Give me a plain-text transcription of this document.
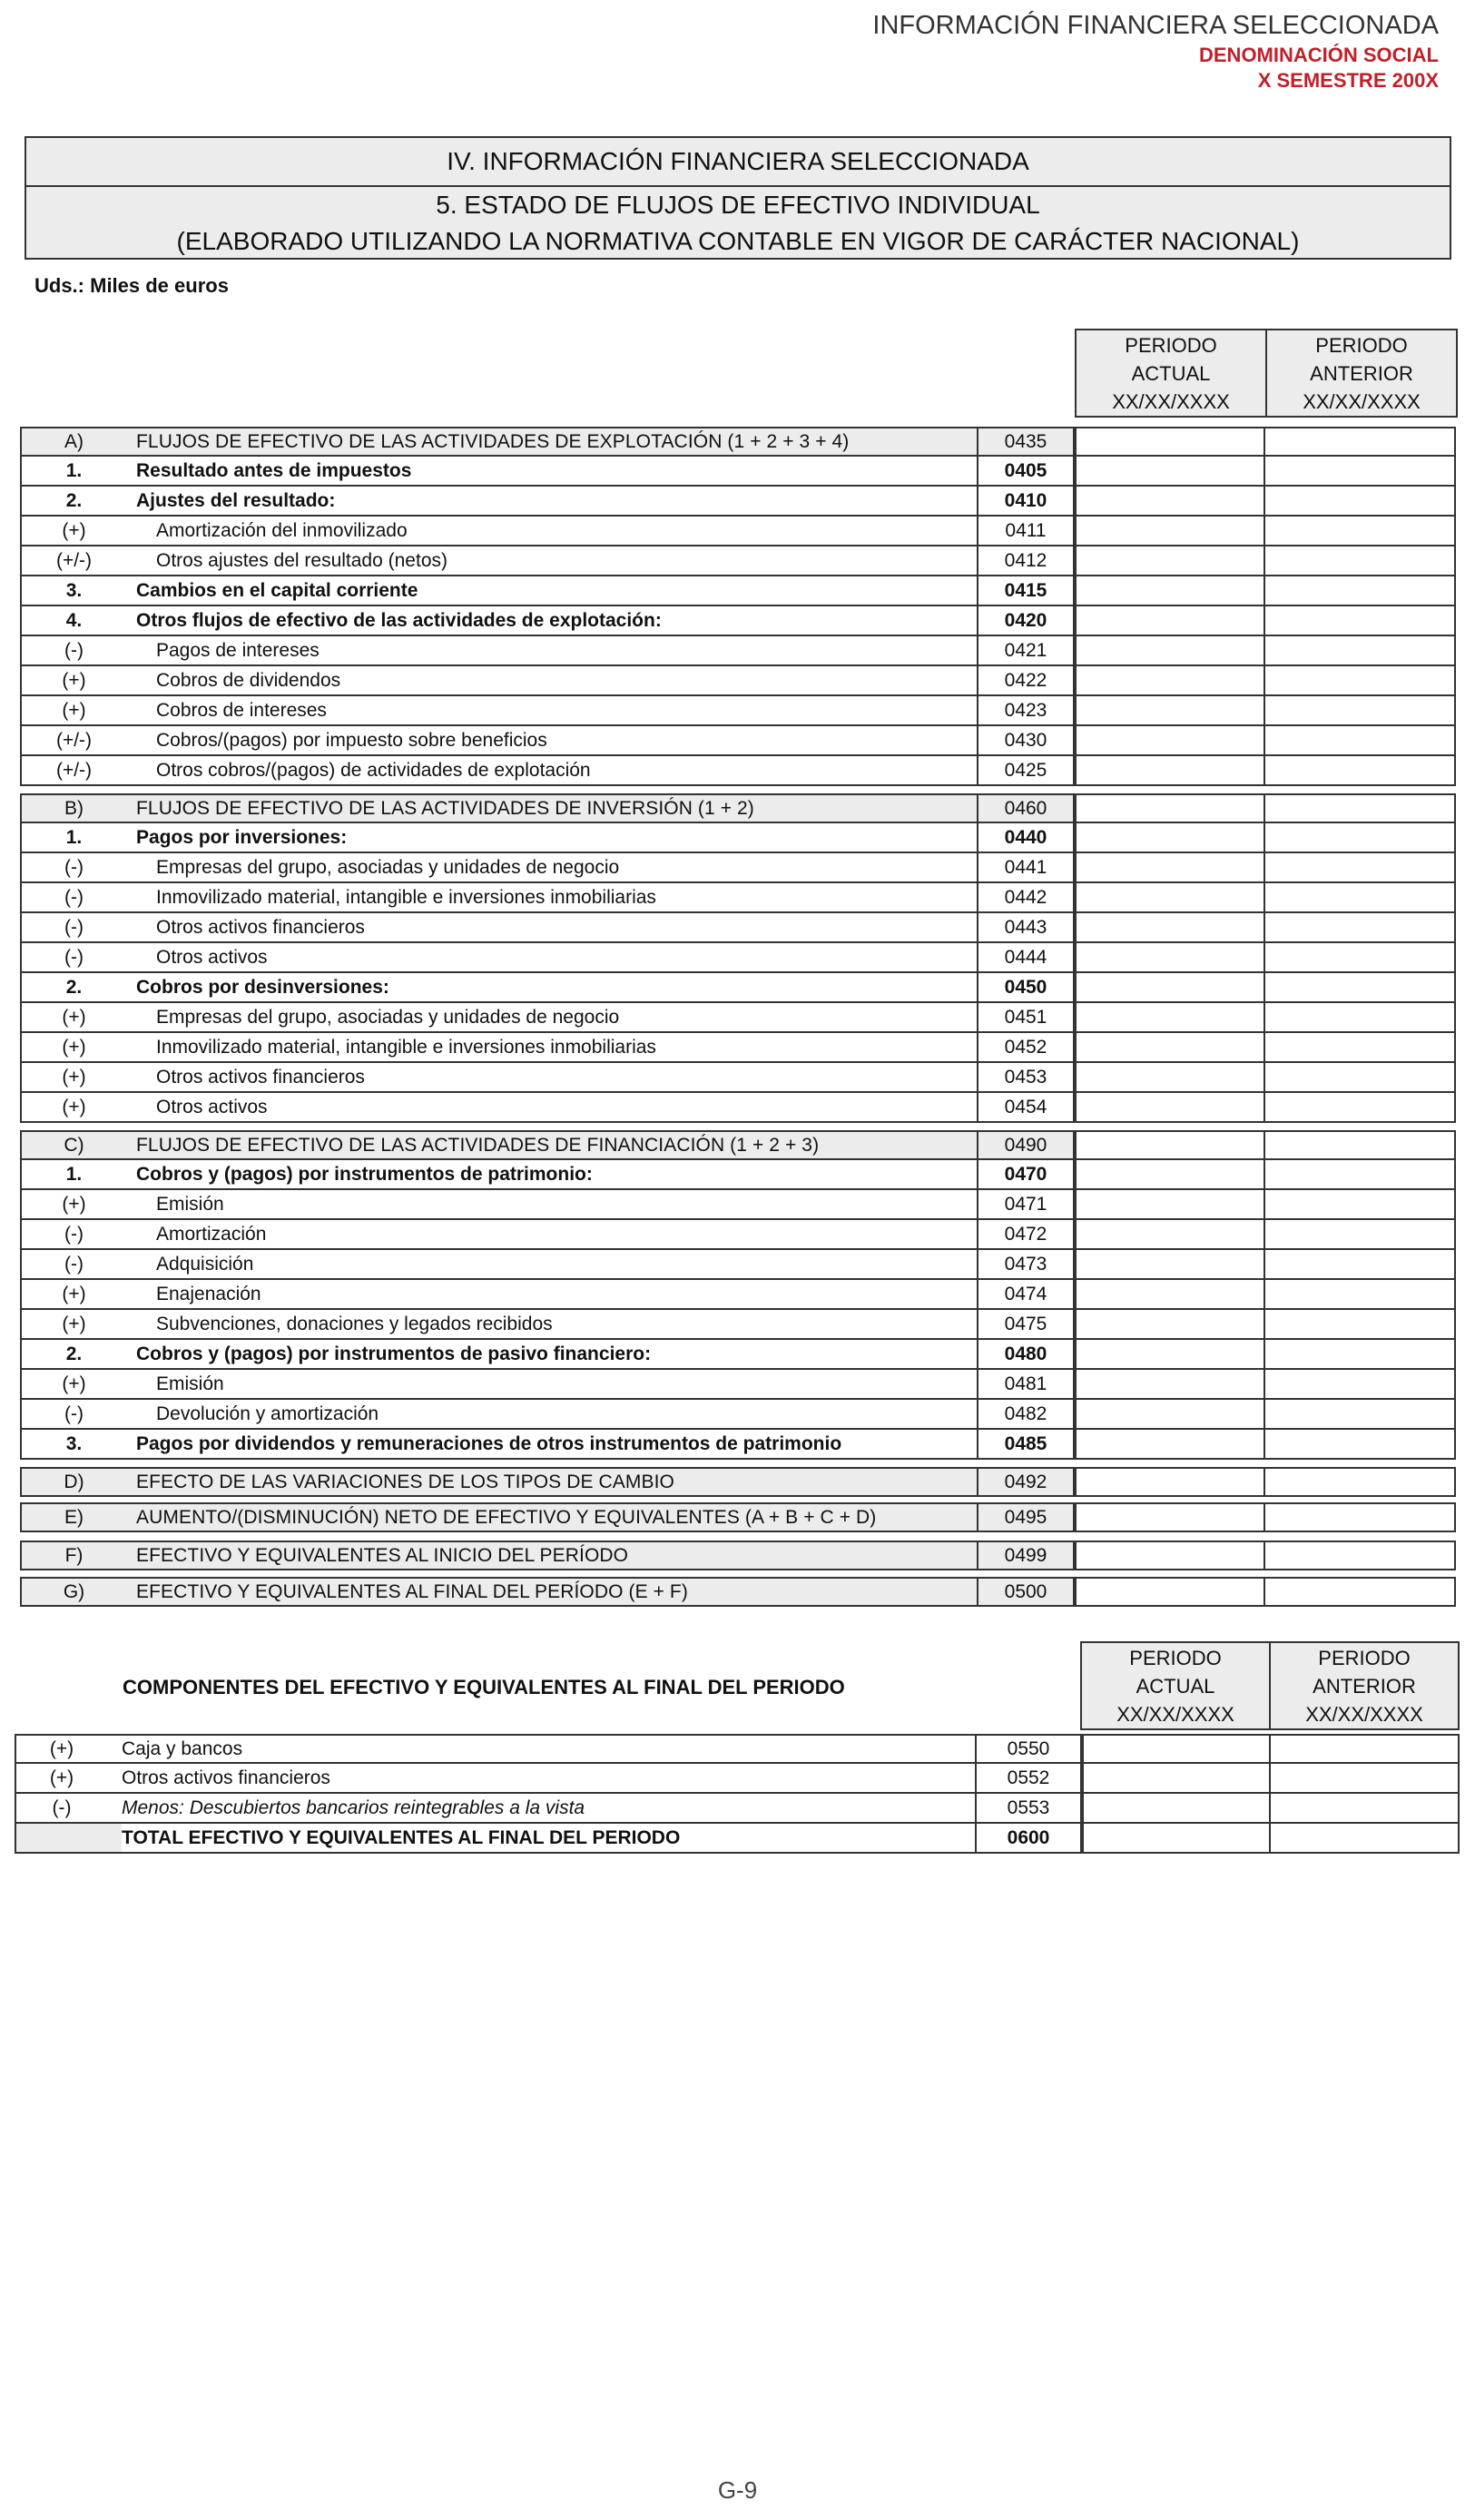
INFORMACIÓN FINANCIERA SELECCIONADA
DENOMINACIÓN SOCIAL
X SEMESTRE 200X
IV. INFORMACIÓN FINANCIERA SELECCIONADA
5. ESTADO DE FLUJOS DE EFECTIVO INDIVIDUAL
(ELABORADO UTILIZANDO LA NORMATIVA CONTABLE EN VIGOR DE CARÁCTER NACIONAL)
Uds.: Miles de euros
PERIODO
ACTUAL
XX/XX/XXXX
PERIODO
ANTERIOR
XX/XX/XXXX
A)	FLUJOS DE EFECTIVO DE LAS ACTIVIDADES DE EXPLOTACIÓN (1 + 2 + 3 + 4)	0435
1.	Resultado antes de impuestos	0405
2.	Ajustes del resultado:	0410
(+)	Amortización del inmovilizado	0411
(+/-)	Otros ajustes del resultado (netos)	0412
3.	Cambios en el capital corriente	0415
4.	Otros flujos de efectivo de las actividades de explotación:	0420
(-)	Pagos de intereses	0421
(+)	Cobros de dividendos	0422
(+)	Cobros de intereses	0423
(+/-)	Cobros/(pagos) por impuesto sobre beneficios	0430
(+/-)	Otros cobros/(pagos) de actividades de explotación	0425
B)	FLUJOS DE EFECTIVO DE LAS ACTIVIDADES DE INVERSIÓN (1 + 2)	0460
1.	Pagos por inversiones:	0440
(-)	Empresas del grupo, asociadas y unidades de negocio	0441
(-)	Inmovilizado material, intangible e inversiones inmobiliarias	0442
(-)	Otros activos financieros	0443
(-)	Otros activos	0444
2.	Cobros por desinversiones:	0450
(+)	Empresas del grupo, asociadas y unidades de negocio	0451
(+)	Inmovilizado material, intangible e inversiones inmobiliarias	0452
(+)	Otros activos financieros	0453
(+)	Otros activos	0454
C)	FLUJOS DE EFECTIVO DE LAS ACTIVIDADES DE FINANCIACIÓN (1 + 2 + 3)	0490
1.	Cobros y (pagos) por instrumentos de patrimonio:	0470
(+)	Emisión	0471
(-)	Amortización	0472
(-)	Adquisición	0473
(+)	Enajenación	0474
(+)	Subvenciones, donaciones y legados recibidos	0475
2.	Cobros y (pagos) por instrumentos de pasivo financiero:	0480
(+)	Emisión	0481
(-)	Devolución y amortización	0482
3.	Pagos por dividendos y remuneraciones de otros instrumentos de patrimonio	0485
D)	EFECTO DE LAS VARIACIONES DE LOS TIPOS DE CAMBIO	0492
E)	AUMENTO/(DISMINUCIÓN) NETO DE EFECTIVO Y EQUIVALENTES (A + B + C + D)	0495
F)	EFECTIVO Y EQUIVALENTES AL INICIO DEL PERÍODO	0499
G)	EFECTIVO Y EQUIVALENTES AL FINAL DEL PERÍODO (E + F)	0500
PERIODO
ACTUAL
XX/XX/XXXX
PERIODO
ANTERIOR
XX/XX/XXXX
COMPONENTES DEL EFECTIVO Y EQUIVALENTES AL FINAL DEL PERIODO
(+)	Caja y bancos	0550
(+)	Otros activos financieros	0552
(-)	Menos: Descubiertos bancarios reintegrables a la vista	0553
TOTAL EFECTIVO Y EQUIVALENTES AL FINAL DEL PERIODO	0600
G-9
